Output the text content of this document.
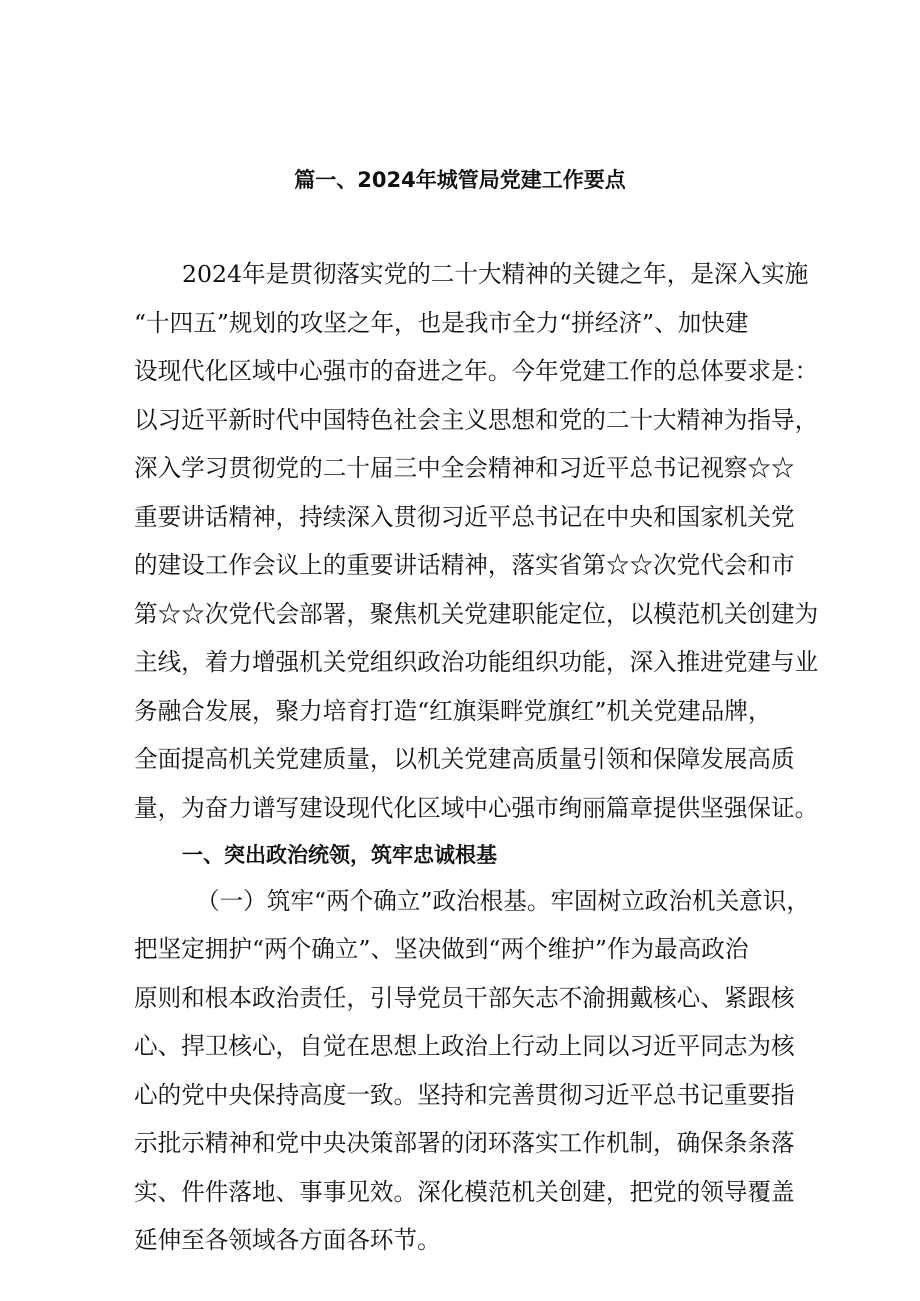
篇一、2024年城管局党建工作要点
2024年是贯彻落实党的二十大精神的关键之年，是深入实施
“十四五”规划的攻坚之年，也是我市全力“拼经济”、加快建
设现代化区域中心强市的奋进之年。今年党建工作的总体要求是：
以习近平新时代中国特色社会主义思想和党的二十大精神为指导，
深入学习贯彻党的二十届三中全会精神和习近平总书记视察☆☆
重要讲话精神，持续深入贯彻习近平总书记在中央和国家机关党
的建设工作会议上的重要讲话精神，落实省第☆☆次党代会和市
第☆☆次党代会部署，聚焦机关党建职能定位，以模范机关创建为
主线，着力增强机关党组织政治功能组织功能，深入推进党建与业
务融合发展，聚力培育打造“红旗渠畔党旗红”机关党建品牌，
全面提高机关党建质量，以机关党建高质量引领和保障发展高质
量，为奋力谱写建设现代化区域中心强市绚丽篇章提供坚强保证。
一、突出政治统领，筑牢忠诚根基
（一）筑牢“两个确立”政治根基。牢固树立政治机关意识，
把坚定拥护“两个确立”、坚决做到“两个维护”作为最高政治
原则和根本政治责任，引导党员干部矢志不渝拥戴核心、紧跟核
心、捍卫核心，自觉在思想上政治上行动上同以习近平同志为核
心的党中央保持高度一致。坚持和完善贯彻习近平总书记重要指
示批示精神和党中央决策部署的闭环落实工作机制，确保条条落
实、件件落地、事事见效。深化模范机关创建，把党的领导覆盖
延伸至各领域各方面各环节。
